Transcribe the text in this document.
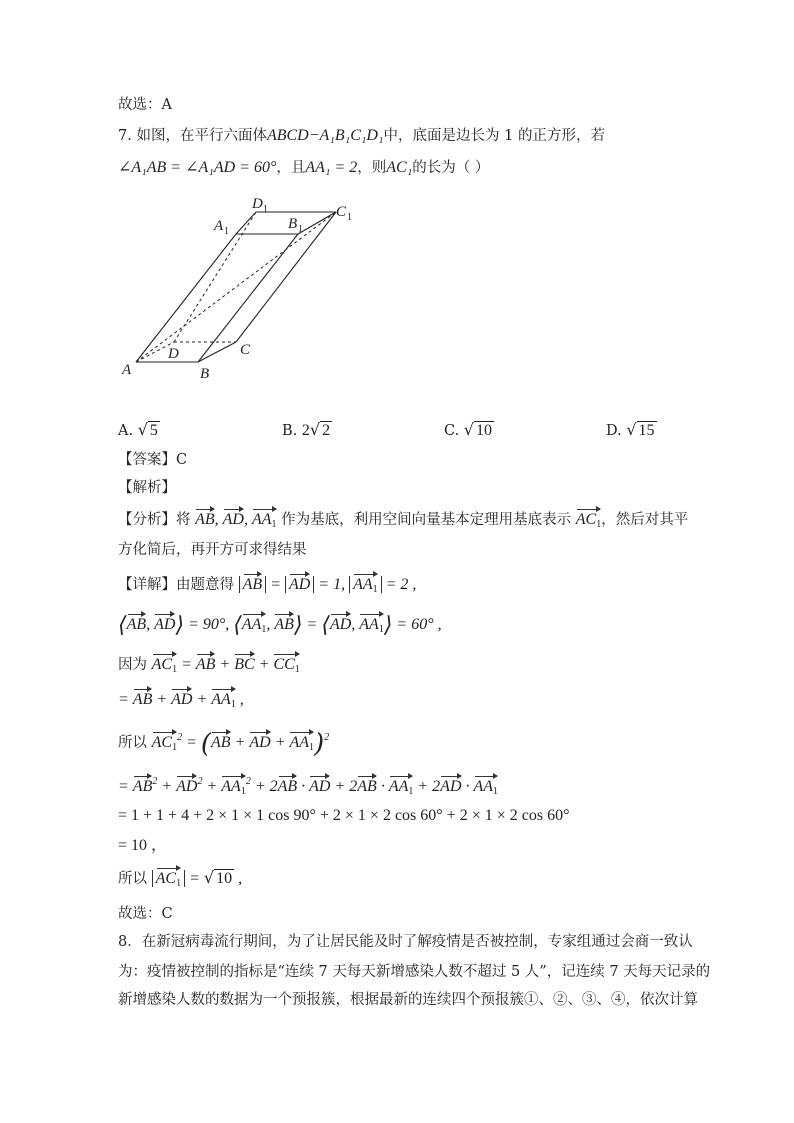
故选：A
7. 如图，在平行六面体ABCD−A₁B₁C₁D₁中，底面是边长为 1 的正方形，若
∠A₁AB = ∠A₁AD = 60°，且AA₁ = 2，则AC₁的长为（ ）
A	B
C
D
A 1	B 1
C 1
D 1
A. √ 5	B. 2√ 2	C. √ 10	D. √ 15
【答案】C
【解析】
【分析】将 AB, AD, $AA_1$ 作为基底，利用空间向量基本定理用基底表示 $AC_1$，然后对其平
方化简后，再开方可求得结果
【详解】由题意得 AB = AD = 1, $AA_1 = 2$ ,
⟨AB, AD⟩ = 90°, $⟨AA_1$, AB⟩ = ⟨AD, $AA_1⟩ = 60^\circ$ ,
因为 $AC_1$ = AB + BC + $CC_1$
= AB + AD + $AA_1$ ,
所以 $AC_1^2 = (AB$ + AD + $AA_1)^2$
= $AB^2 + AD^2 + AA_1^2 + 2AB$ · AD + $2AB \cdot AA_1 + 2AD \cdot AA_1$
= 1 + 1 + 4 + 2 × 1 × 1 cos 90° + 2 × 1 × 2 cos 60° + 2 × 1 × 2 cos 60°
= 10 ，
所以 $AC_1$ = √ 10 ,
故选：C
8．在新冠病毒流行期间，为了让居民能及时了解疫情是否被控制，专家组通过会商一致认
为：疫情被控制的指标是“连续 7 天每天新增感染人数不超过 5 人”，记连续 7 天每天记录的
新增感染人数的数据为一个预报簇，根据最新的连续四个预报簇①、②、③、④，依次计算
